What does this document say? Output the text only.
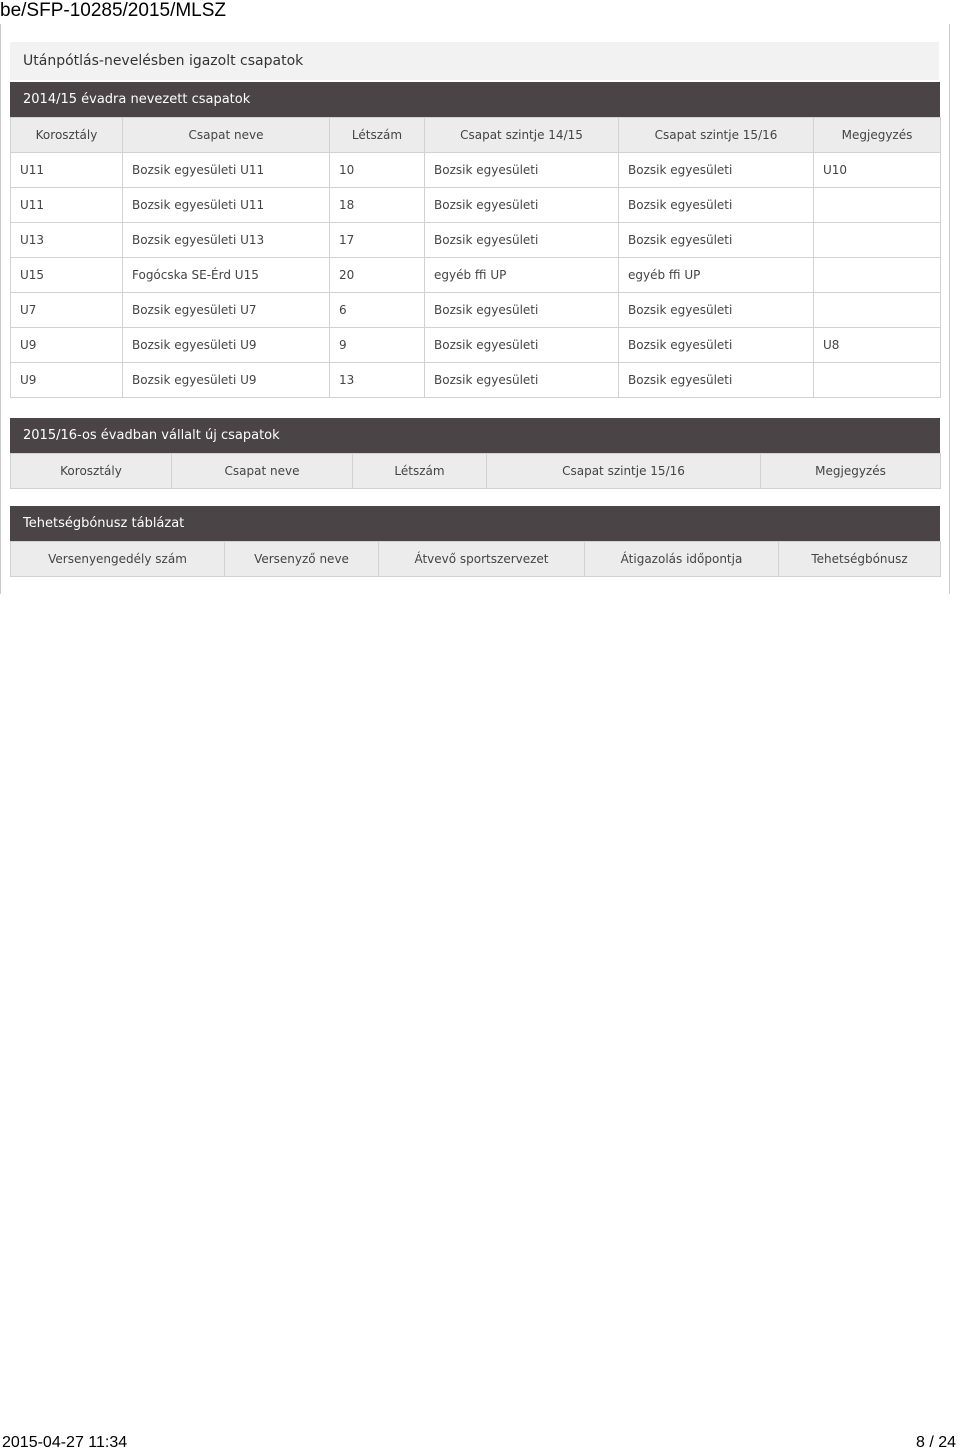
be/SFP-10285/2015/MLSZ
Utánpótlás-nevelésben igazolt csapatok
2014/15 évadra nevezett csapatok
Korosztály	Csapat neve	Létszám	Csapat szintje 14/15	Csapat szintje 15/16	Megjegyzés
U11	Bozsik egyesületi U11	10	Bozsik egyesületi	Bozsik egyesületi	U10
U11	Bozsik egyesületi U11	18	Bozsik egyesületi	Bozsik egyesületi	
U13	Bozsik egyesületi U13	17	Bozsik egyesületi	Bozsik egyesületi	
U15	Fogócska SE-Érd U15	20	egyéb ffi UP	egyéb ffi UP	
U7	Bozsik egyesületi U7	6	Bozsik egyesületi	Bozsik egyesületi	
U9	Bozsik egyesületi U9	9	Bozsik egyesületi	Bozsik egyesületi	U8
U9	Bozsik egyesületi U9	13	Bozsik egyesületi	Bozsik egyesületi	
2015/16-os évadban vállalt új csapatok
Korosztály	Csapat neve	Létszám	Csapat szintje 15/16	Megjegyzés
Tehetségbónusz táblázat
Versenyengedély szám	Versenyző neve	Átvevő sportszervezet	Átigazolás időpontja	Tehetségbónusz
2015-04-27 11:34	8 / 24
